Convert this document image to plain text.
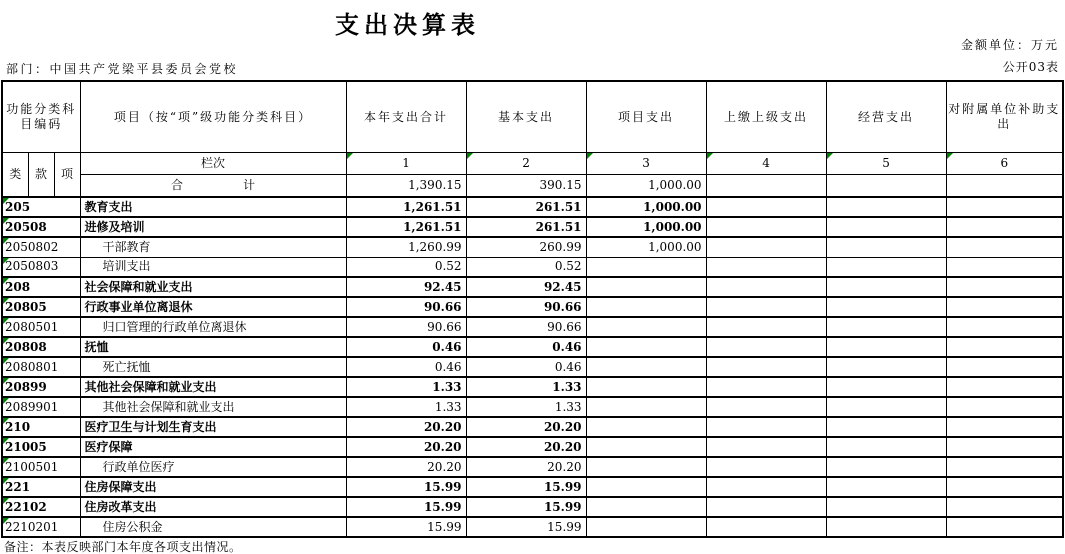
支出决算表
金额单位：万元
公开03表
部门：中国共产党梁平县委员会党校
功能分类科目编码			项目（按“项”级功能分类科目）	本年支出合计	基本支出	项目支出	上缴上级支出	经营支出	对附属单位补助支出
类	款	项	栏次	1	2	3	4	5	6
			合　　　　　计	1,390.15	390.15	1,000.00			

205			教育支出	1,261.51	261.51	1,000.00			

20508			进修及培训	1,261.51	261.51	1,000.00			

2050802			干部教育	1,260.99	260.99	1,000.00			

2050803			培训支出	0.52	0.52				

208			社会保障和就业支出	92.45	92.45				

20805			行政事业单位离退休	90.66	90.66				

2080501			归口管理的行政单位离退休	90.66	90.66				

20808			抚恤	0.46	0.46				

2080801			死亡抚恤	0.46	0.46				

20899			其他社会保障和就业支出	1.33	1.33				

2089901			其他社会保障和就业支出	1.33	1.33				

210			医疗卫生与计划生育支出	20.20	20.20				

21005			医疗保障	20.20	20.20				

2100501			行政单位医疗	20.20	20.20				

221			住房保障支出	15.99	15.99				

22102			住房改革支出	15.99	15.99				

2210201			住房公积金	15.99	15.99				
备注：本表反映部门本年度各项支出情况。
